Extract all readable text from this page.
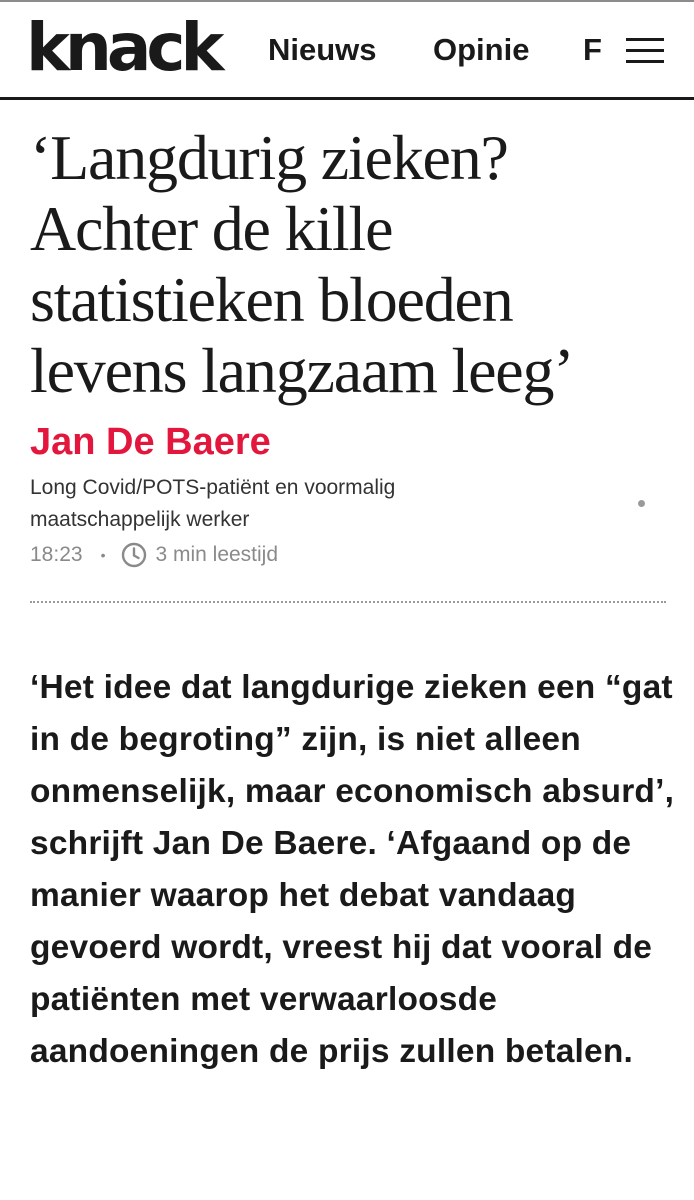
knack Nieuws Opinie F
‘Langdurig zieken? Achter de kille statistieken bloeden levens langzaam leeg’
Jan De Baere
Long Covid/POTS-patiënt en voormalig maatschappelijk werker
18:23 • 3 min leestijd

‘Het idee dat langdurige zieken een “gat in de begroting” zijn, is niet alleen onmenselijk, maar economisch absurd’, schrijft Jan De Baere. ‘Afgaand op de manier waarop het debat vandaag gevoerd wordt, vreest hij dat vooral de patiënten met verwaarloosde aandoeningen de prijs zullen betalen.
